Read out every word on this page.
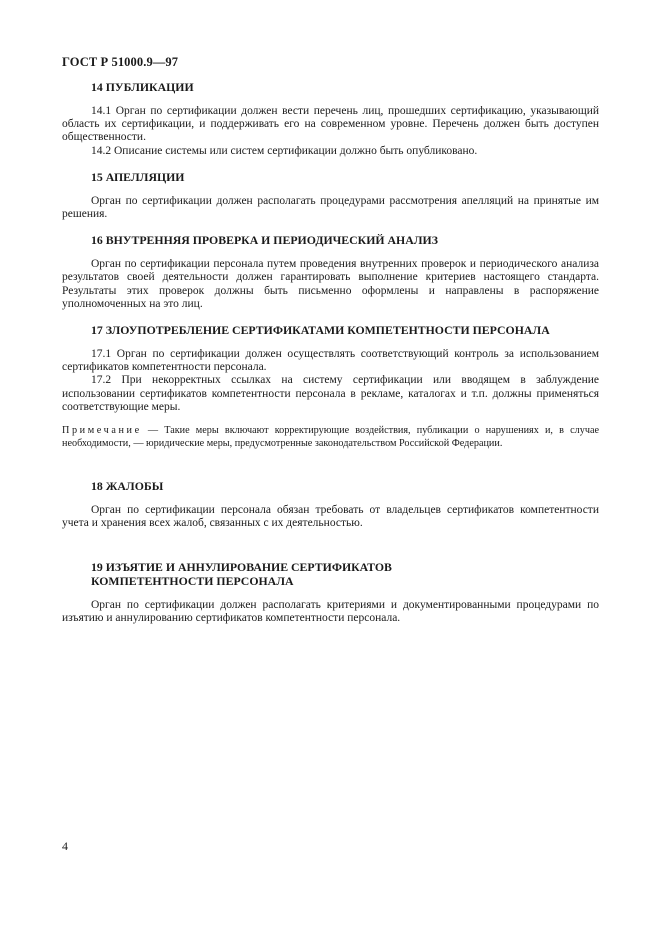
ГОСТ Р 51000.9—97
14 ПУБЛИКАЦИИ

14.1 Орган по сертификации должен вести перечень лиц, прошедших сертификацию, указывающий область их сертификации, и поддерживать его на современном уровне. Перечень должен быть доступен общественности.

14.2 Описание системы или систем сертификации должно быть опубликовано.

15 АПЕЛЛЯЦИИ

Орган по сертификации должен располагать процедурами рассмотрения апелляций на принятые им решения.

16 ВНУТРЕННЯЯ ПРОВЕРКА И ПЕРИОДИЧЕСКИЙ АНАЛИЗ

Орган по сертификации персонала путем проведения внутренних проверок и периодического анализа результатов своей деятельности должен гарантировать выполнение критериев настоящего стандарта. Результаты этих проверок должны быть письменно оформлены и направлены в распоряжение уполномоченных на это лиц.

17 ЗЛОУПОТРЕБЛЕНИЕ СЕРТИФИКАТАМИ КОМПЕТЕНТНОСТИ ПЕРСОНАЛА

17.1 Орган по сертификации должен осуществлять соответствующий контроль за использованием сертификатов компетентности персонала.

17.2 При некорректных ссылках на систему сертификации или вводящем в заблуждение использовании сертификатов компетентности персонала в рекламе, каталогах и т.п. должны применяться соответствующие меры.

Примечание — Такие меры включают корректирующие воздействия, публикации о нарушениях и, в случае необходимости, — юридические меры, предусмотренные законодательством Российской Федерации.

18 ЖАЛОБЫ

Орган по сертификации персонала обязан требовать от владельцев сертификатов компетентности учета и хранения всех жалоб, связанных с их деятельностью.

19 ИЗЪЯТИЕ И АННУЛИРОВАНИЕ СЕРТИФИКАТОВ
КОМПЕТЕНТНОСТИ ПЕРСОНАЛА

Орган по сертификации должен располагать критериями и документированными процедурами по изъятию и аннулированию сертификатов компетентности персонала.

4
